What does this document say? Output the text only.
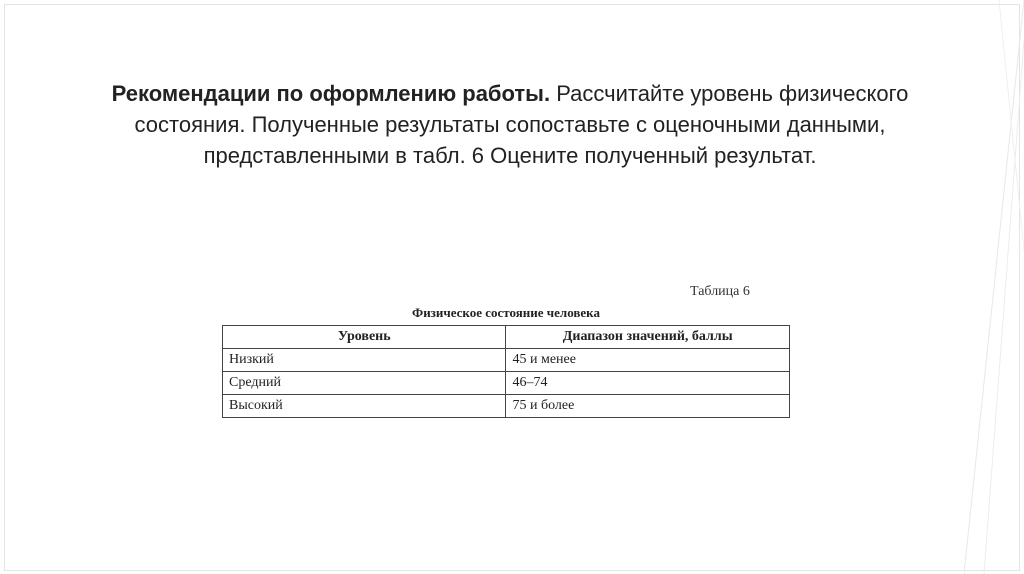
Рекомендации по оформлению работы. Рассчитайте уровень физического состояния. Полученные результаты сопоставьте с оценочными данными, представленными в табл. 6 Оцените полученный результат.
Таблица 6
Физическое состояние человека
Уровень	Диапазон значений, баллы
Низкий	45 и менее
Средний	46–74
Высокий	75 и более
